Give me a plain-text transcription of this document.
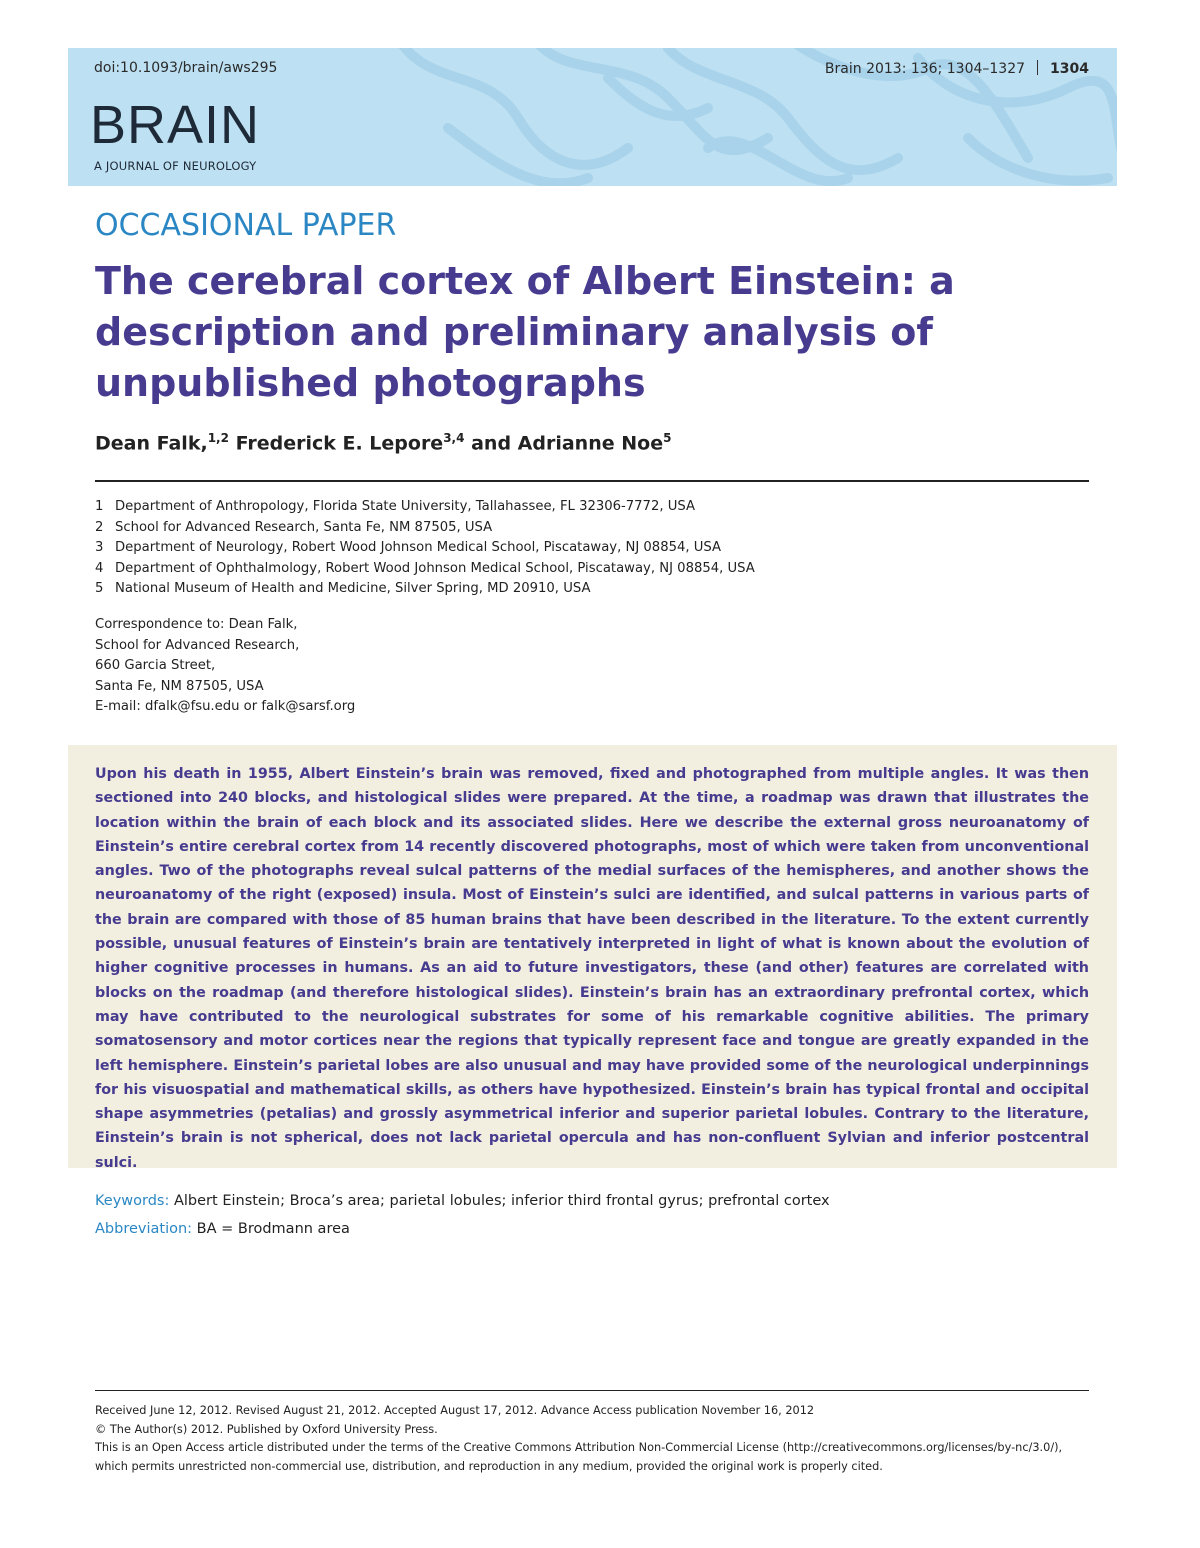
doi:10.1093/brain/aws295	Brain 2013: 136; 1304–1327 1304
BRAIN
A JOURNAL OF NEUROLOGY
OCCASIONAL PAPER
The cerebral cortex of Albert Einstein: a description and preliminary analysis of unpublished photographs
Dean Falk,$^{1,2}$ Frederick E. Lepore$^{3,4}$ and Adrianne Noe$^5$
1 Department of Anthropology, Florida State University, Tallahassee, FL 32306-7772, USA
2 School for Advanced Research, Santa Fe, NM 87505, USA
3 Department of Neurology, Robert Wood Johnson Medical School, Piscataway, NJ 08854, USA
4 Department of Ophthalmology, Robert Wood Johnson Medical School, Piscataway, NJ 08854, USA
5 National Museum of Health and Medicine, Silver Spring, MD 20910, USA
Correspondence to: Dean Falk,
School for Advanced Research,
660 Garcia Street,
Santa Fe, NM 87505, USA
E-mail: dfalk@fsu.edu or falk@sarsf.org

Upon his death in 1955, Albert Einstein’s brain was removed, fixed and photographed from multiple angles. It was then sectioned into 240 blocks, and histological slides were prepared. At the time, a roadmap was drawn that illustrates the location within the brain of each block and its associated slides. Here we describe the external gross neuroanatomy of Einstein’s entire cerebral cortex from 14 recently discovered photographs, most of which were taken from unconventional angles. Two of the photographs reveal sulcal patterns of the medial surfaces of the hemispheres, and another shows the neuroanatomy of the right (exposed) insula. Most of Einstein’s sulci are identified, and sulcal patterns in various parts of the brain are compared with those of 85 human brains that have been described in the literature. To the extent currently possible, unusual features of Einstein’s brain are tentatively interpreted in light of what is known about the evolution of higher cognitive processes in humans. As an aid to future investigators, these (and other) features are correlated with blocks on the roadmap (and therefore histological slides). Einstein’s brain has an extraordinary prefrontal cortex, which may have contributed to the neurological substrates for some of his remarkable cognitive abilities. The primary somatosensory and motor cortices near the regions that typically represent face and tongue are greatly expanded in the left hemisphere. Einstein’s parietal lobes are also unusual and may have provided some of the neurological underpinnings for his visuospatial and mathematical skills, as others have hypothesized. Einstein’s brain has typical frontal and occipital shape asymmetries (petalias) and grossly asymmetrical inferior and superior parietal lobules. Contrary to the literature, Einstein’s brain is not spherical, does not lack parietal opercula and has non-confluent Sylvian and inferior postcentral sulci.

Keywords: Albert Einstein; Broca’s area; parietal lobules; inferior third frontal gyrus; prefrontal cortex
Abbreviation: BA = Brodmann area
Received June 12, 2012. Revised August 21, 2012. Accepted August 17, 2012. Advance Access publication November 16, 2012
© The Author(s) 2012. Published by Oxford University Press.
This is an Open Access article distributed under the terms of the Creative Commons Attribution Non-Commercial License (http://creativecommons.org/licenses/by-nc/3.0/),
which permits unrestricted non-commercial use, distribution, and reproduction in any medium, provided the original work is properly cited.
